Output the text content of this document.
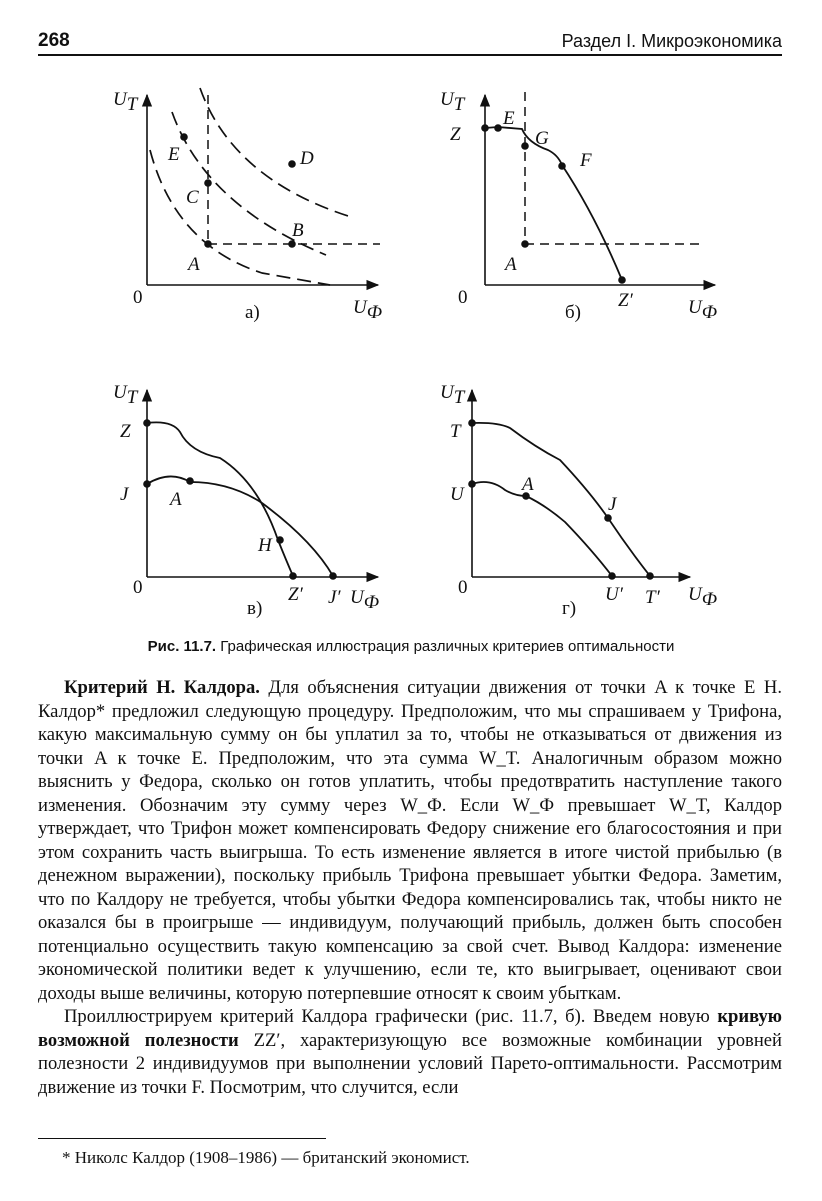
268	Раздел I. Микроэкономика
UT
UФ
0
A
B
C
D
E
а)
UT
UФ
0
Z
E
G
F
A
Z′
б)
UT
UФ
0
Z
J A
H
Z′ J′
в)
UT
UФ
0
T
U	A
J
U′ T′
г)
Рис. 11.7. Графическая иллюстрация различных критериев оптимальности

Критерий Н. Калдора. Для объяснения ситуации движения от точки A к точке E Н. Калдор* предложил следующую процедуру. Предположим, что мы спрашиваем у Трифона, какую максимальную сумму он бы уплатил за то, чтобы не отказываться от движения из точки A к точке E. Предположим, что эта сумма W_T. Аналогичным образом можно выяснить у Федора, сколько он готов уплатить, чтобы предотвратить наступление такого изменения. Обозначим эту сумму через W_Ф. Если W_Ф превышает W_T, Калдор утверждает, что Трифон может компенсировать Федору снижение его благосостояния и при этом сохранить часть выигрыша. То есть изменение является в итоге чистой прибылью (в денежном выражении), поскольку прибыль Трифона превышает убытки Федора. Заметим, что по Калдору не требуется, чтобы убытки Федора компенсировались так, чтобы никто не оказался бы в проигрыше — индивидуум, получающий прибыль, должен быть способен потенциально осуществить такую компенсацию за свой счет. Вывод Калдора: изменение экономической политики ведет к улучшению, если те, кто выигрывает, оценивают свои доходы выше величины, которую потерпевшие относят к своим убыткам.

Проиллюстрируем критерий Калдора графически (рис. 11.7, б). Введем новую кривую возможной полезности ZZ′, характеризующую все возможные комбинации уровней полезности 2 индивидуумов при выполнении условий Парето-оптимальности. Рассмотрим движение из точки F. Посмотрим, что случится, если

* Николс Калдор (1908–1986) — британский экономист.
